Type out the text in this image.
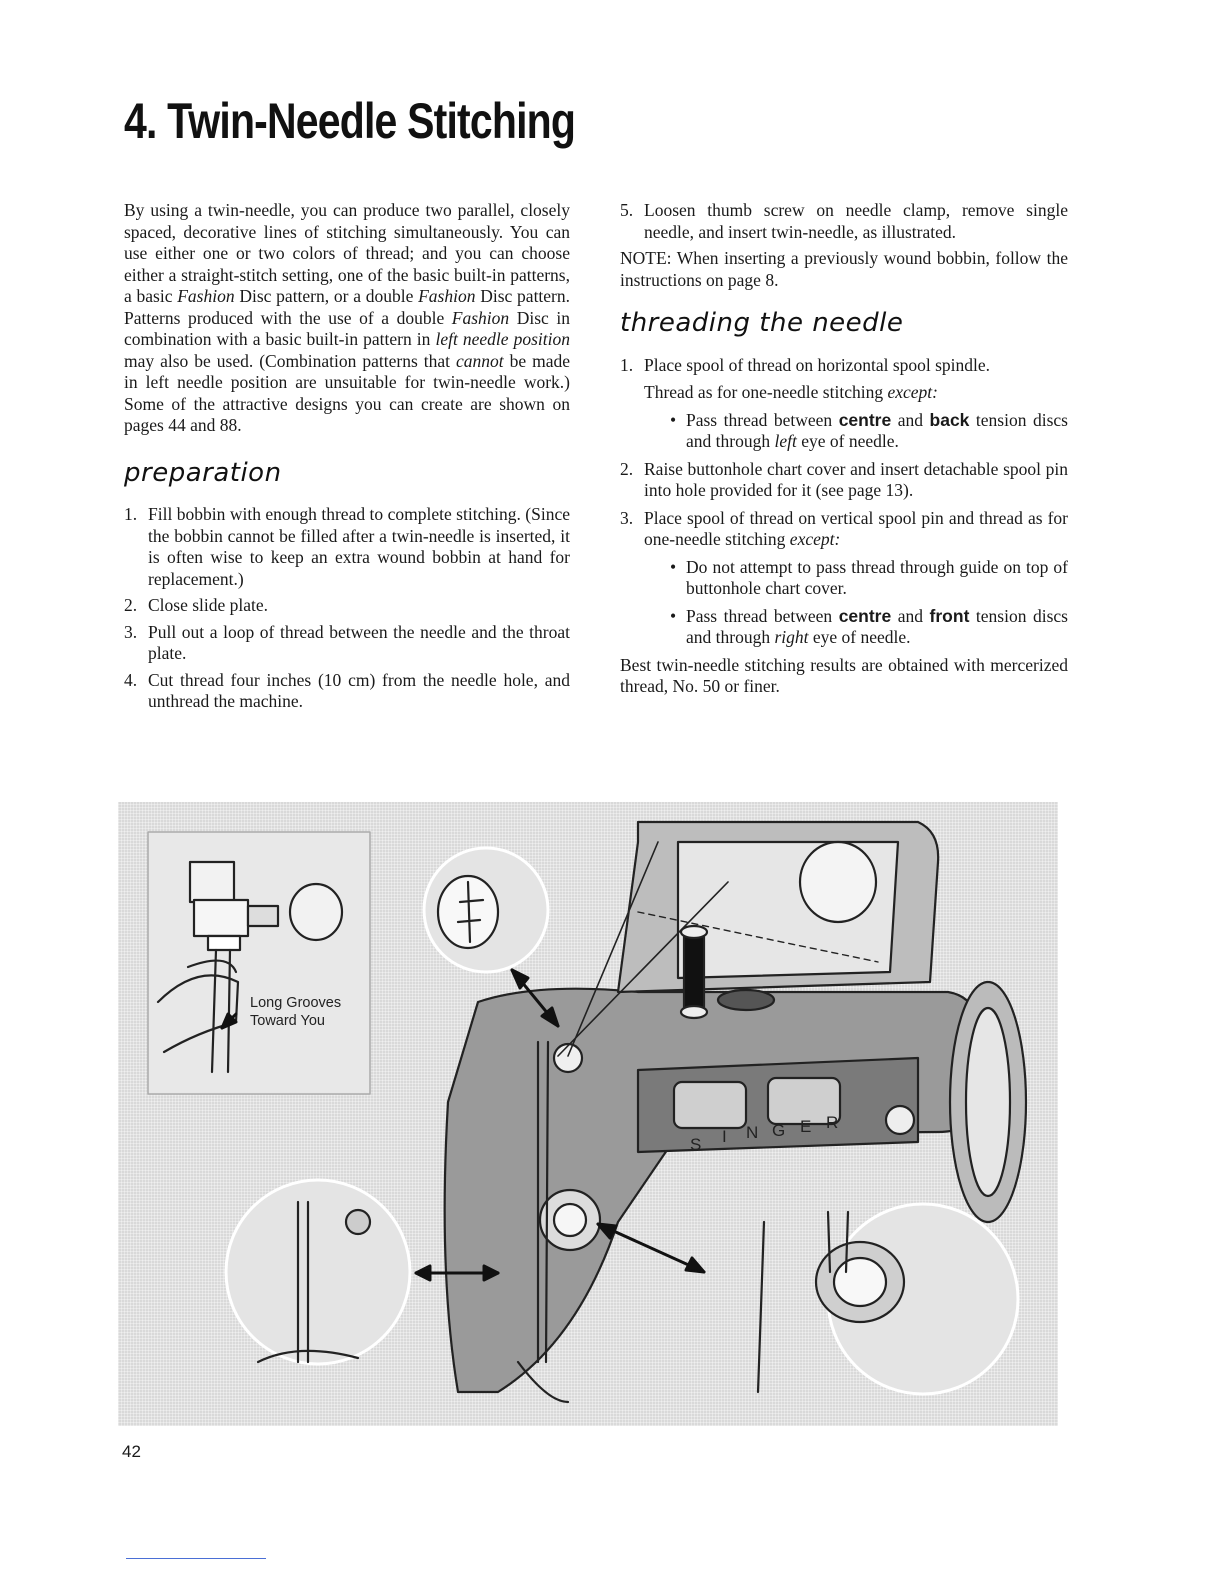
4. Twin-Needle Stitching

By using a twin-needle, you can produce two parallel, closely spaced, decorative lines of stitching simultaneously. You can use either one or two colors of thread; and you can choose either a straight-stitch setting, one of the basic built-in patterns, a basic Fashion Disc pattern, or a double Fashion Disc pattern. Patterns produced with the use of a double Fashion Disc in combination with a basic built-in pattern in left needle position may also be used. (Combination patterns that cannot be made in left needle position are unsuitable for twin-needle work.) Some of the attractive designs you can create are shown on pages 44 and 88.

preparation
1. Fill bobbin with enough thread to complete stitching. (Since the bobbin cannot be filled after a twin-needle is inserted, it is often wise to keep an extra wound bobbin at hand for replacement.)
2. Close slide plate.
3. Pull out a loop of thread between the needle and the throat plate.
4. Cut thread four inches (10 cm) from the needle hole, and unthread the machine.
5. Loosen thumb screw on needle clamp, remove single needle, and insert twin-needle, as illustrated.

NOTE: When inserting a previously wound bobbin, follow the instructions on page 8.

threading the needle
1. Place spool of thread on horizontal spool spindle.
Thread as for one-needle stitching except:
• Pass thread between centre and back tension discs and through left eye of needle.
2. Raise buttonhole chart cover and insert detachable spool pin into hole provided for it (see page 13).
3. Place spool of thread on vertical spool pin and thread as for one-needle stitching except:
• Do not attempt to pass thread through guide on top of buttonhole chart cover.
• Pass thread between centre and front tension discs and through right eye of needle.

Best twin-needle stitching results are obtained with mercerized thread, No. 50 or finer.

S I N G E R
Long Grooves
Toward You
42
